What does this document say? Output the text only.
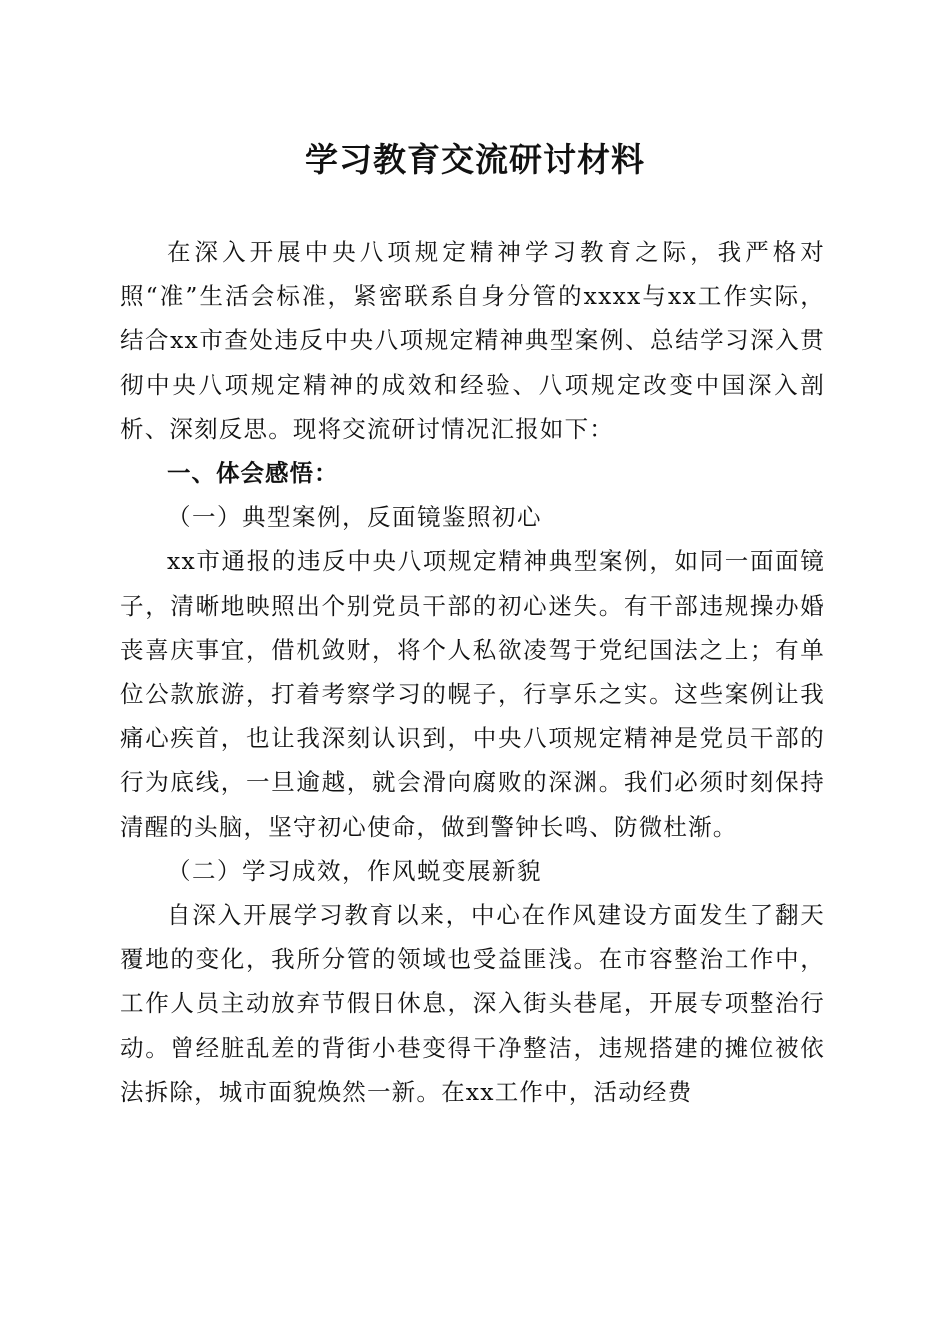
学习教育交流研讨材料

在深入开展中央八项规定精神学习教育之际，我严格对照“准”生活会标准，紧密联系自身分管的xxxx与xx工作实际，结合xx市查处违反中央八项规定精神典型案例、总结学习深入贯彻中央八项规定精神的成效和经验、八项规定改变中国深入剖析、深刻反思。现将交流研讨情况汇报如下：

一、体会感悟：

（一）典型案例，反面镜鉴照初心

xx市通报的违反中央八项规定精神典型案例，如同一面面镜子，清晰地映照出个别党员干部的初心迷失。有干部违规操办婚丧喜庆事宜，借机敛财，将个人私欲凌驾于党纪国法之上；有单位公款旅游，打着考察学习的幌子，行享乐之实。这些案例让我痛心疾首，也让我深刻认识到，中央八项规定精神是党员干部的行为底线，一旦逾越，就会滑向腐败的深渊。我们必须时刻保持清醒的头脑，坚守初心使命，做到警钟长鸣、防微杜渐。

（二）学习成效，作风蜕变展新貌

自深入开展学习教育以来，中心在作风建设方面发生了翻天覆地的变化，我所分管的领域也受益匪浅。在市容整治工作中，工作人员主动放弃节假日休息，深入街头巷尾，开展专项整治行动。曾经脏乱差的背街小巷变得干净整洁，违规搭建的摊位被依法拆除，城市面貌焕然一新。在xx工作中，活动经费
